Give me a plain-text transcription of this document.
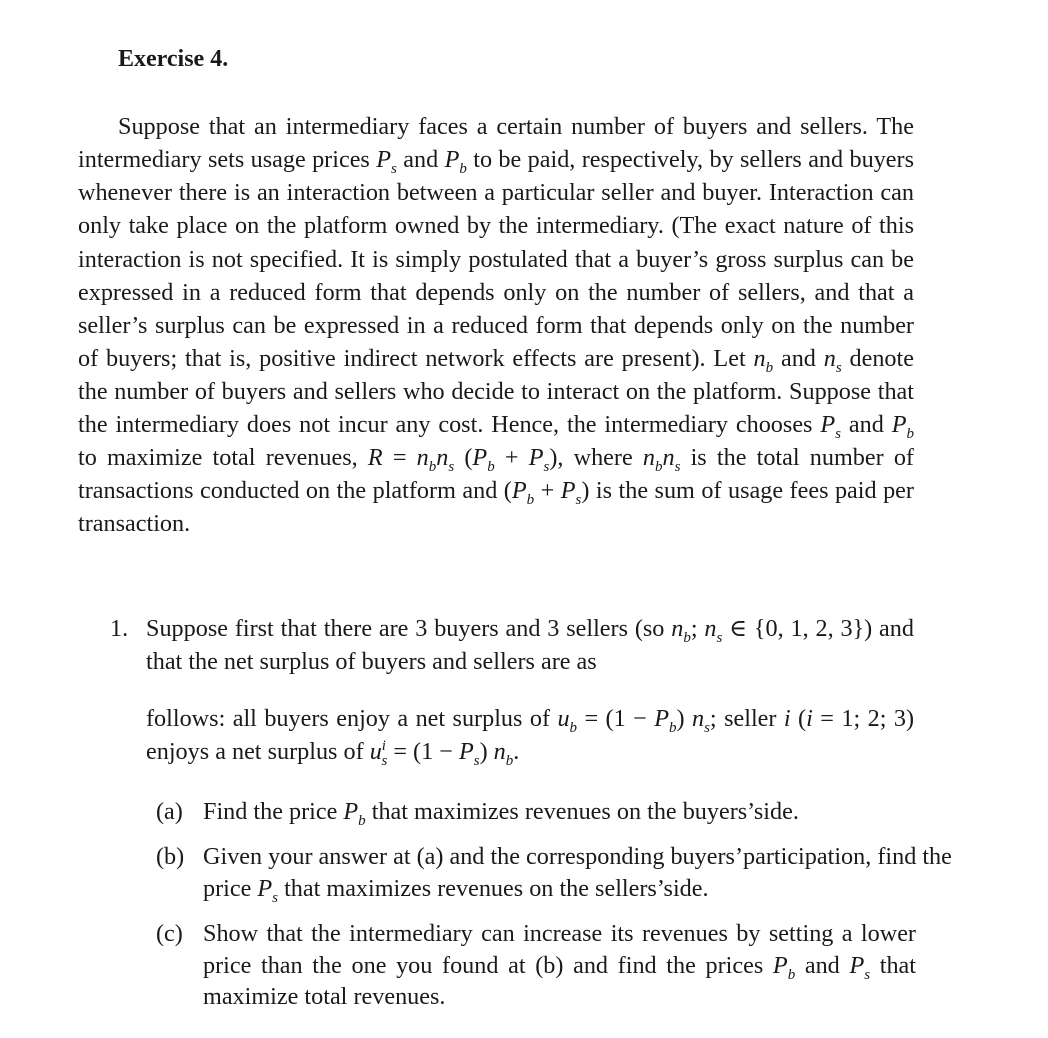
Exercise 4.

Suppose that an intermediary faces a certain number of buyers and sellers. The intermediary sets usage prices $P_s$ and $P_b$ to be paid, respectively, by sellers and buyers whenever there is an interaction between a particular seller and buyer. Interaction can only take place on the platform owned by the intermediary. (The exact nature of this interaction is not specified. It is simply postulated that a buyer’s gross surplus can be expressed in a reduced form that depends only on the number of sellers, and that a seller’s surplus can be expressed in a reduced form that depends only on the number of buyers; that is, positive indirect network effects are present). Let $n_b$ and $n_s$ denote the number of buyers and sellers who decide to interact on the platform. Suppose that the intermediary does not incur any cost. Hence, the intermediary chooses $P_s$ and $P_b$ to maximize total revenues, $R = n_bn_s$ $(P_b + P_s)$, where $n_bn_s$ is the total number of transactions conducted on the platform and $(P_b + P_s)$ is the sum of usage fees paid per transaction.

1. Suppose first that there are 3 buyers and 3 sellers (so $n_b$; $n_s$ ∈ {0, 1, 2, 3}) and that the net surplus of buyers and sellers are as

follows: all buyers enjoy a net surplus of $u_b = (1 - P_b)$ $n_s$; seller i (i = 1; 2; 3) enjoys a net surplus of $u^i_s = (1 - P_s)$ $n_b$.

(a) Find the price $P_b$ that maximizes revenues on the buyers’side.
(b) Given your answer at (a) and the corresponding buyers’participation, find the price $P_s$ that maximizes revenues on the sellers’side.
(c) Show that the intermediary can increase its revenues by setting a lower price than the one you found at (b) and find the prices $P_b$ and $P_s$ that maximize total revenues.
